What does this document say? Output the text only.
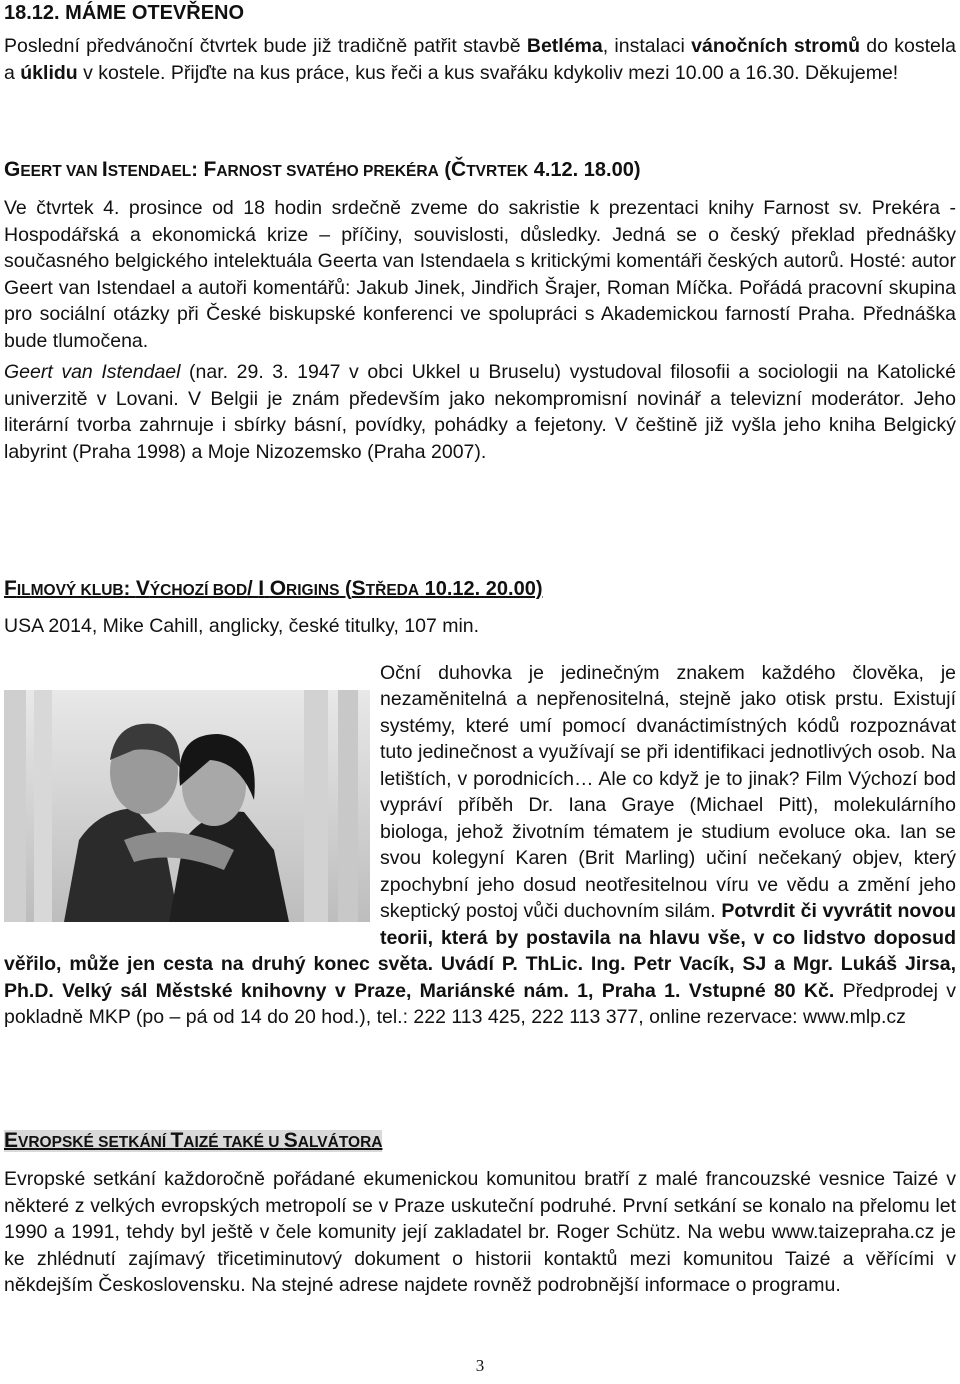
18.12. MÁME OTEVŘENO

Poslední předvánoční čtvrtek bude již tradičně patřit stavbě Betléma, instalaci vánočních stromů do kostela a úklidu v kostele. Přijďte na kus práce, kus řeči a kus svařáku kdykoliv mezi 10.00 a 16.30. Děkujeme!

GEERT VAN ISTENDAEL: FARNOST SVATÉHO PREKÉRA (ČTVRTEK 4.12. 18.00)

Ve čtvrtek 4. prosince od 18 hodin srdečně zveme do sakristie k prezentaci knihy Farnost sv. Prekéra - Hospodářská a ekonomická krize – příčiny, souvislosti, důsledky. Jedná se o český překlad přednášky současného belgického intelektuála Geerta van Istendaela s kritickými komentáři českých autorů. Hosté: autor Geert van Istendael a autoři komentářů: Jakub Jinek, Jindřich Šrajer, Roman Míčka. Pořádá pracovní skupina pro sociální otázky při České biskupské konferenci ve spolupráci s Akademickou farností Praha. Přednáška bude tlumočena.

Geert van Istendael (nar. 29. 3. 1947 v obci Ukkel u Bruselu) vystudoval filosofii a sociologii na Katolické univerzitě v Lovani. V Belgii je znám především jako nekompromisní novinář a televizní moderátor. Jeho literární tvorba zahrnuje i sbírky básní, povídky, pohádky a fejetony. V češtině již vyšla jeho kniha Belgický labyrint (Praha 1998) a Moje Nizozemsko (Praha 2007).

FILMOVÝ KLUB: VÝCHOZÍ BOD/ I ORIGINS (STŘEDA 10.12. 20.00)

USA 2014, Mike Cahill, anglicky, české titulky, 107 min.

Oční duhovka je jedinečným znakem každého člověka, je nezaměnitelná a nepřenositelná, stejně jako otisk prstu. Existují systémy, které umí pomocí dvanáctimístných kódů rozpoznávat tuto jedinečnost a využívají se při identifikaci jednotlivých osob. Na letištích, v porodnicích… Ale co když je to jinak? Film Výchozí bod vypráví příběh Dr. Iana Graye (Michael Pitt), molekulárního biologa, jehož životním tématem je studium evoluce oka. Ian se svou kolegyní Karen (Brit Marling) učiní nečekaný objev, který zpochybní jeho dosud neotřesitelnou víru ve vědu a změní jeho skeptický postoj vůči duchovním silám. Potvrdit či vyvrátit novou teorii, která by postavila na hlavu vše, v co lidstvo doposud věřilo, může jen cesta na druhý konec světa. Uvádí P. ThLic. Ing. Petr Vacík, SJ a Mgr. Lukáš Jirsa, Ph.D. Velký sál Městské knihovny v Praze, Mariánské nám. 1, Praha 1. Vstupné 80 Kč. Předprodej v pokladně MKP (po – pá od 14 do 20 hod.), tel.: 222 113 425, 222 113 377, online rezervace: www.mlp.cz

EVROPSKÉ SETKÁNÍ TAIZÉ TAKÉ U SALVÁTORA

Evropské setkání každoročně pořádané ekumenickou komunitou bratří z malé francouzské vesnice Taizé v některé z velkých evropských metropolí se v Praze uskuteční podruhé. První setkání se konalo na přelomu let 1990 a 1991, tehdy byl ještě v čele komunity její zakladatel br. Roger Schütz. Na webu www.taizepraha.cz je ke zhlédnutí zajímavý třicetiminutový dokument o historii kontaktů mezi komunitou Taizé a věřícími v někdejším Československu. Na stejné adrese najdete rovněž podrobnější informace o programu.

3
